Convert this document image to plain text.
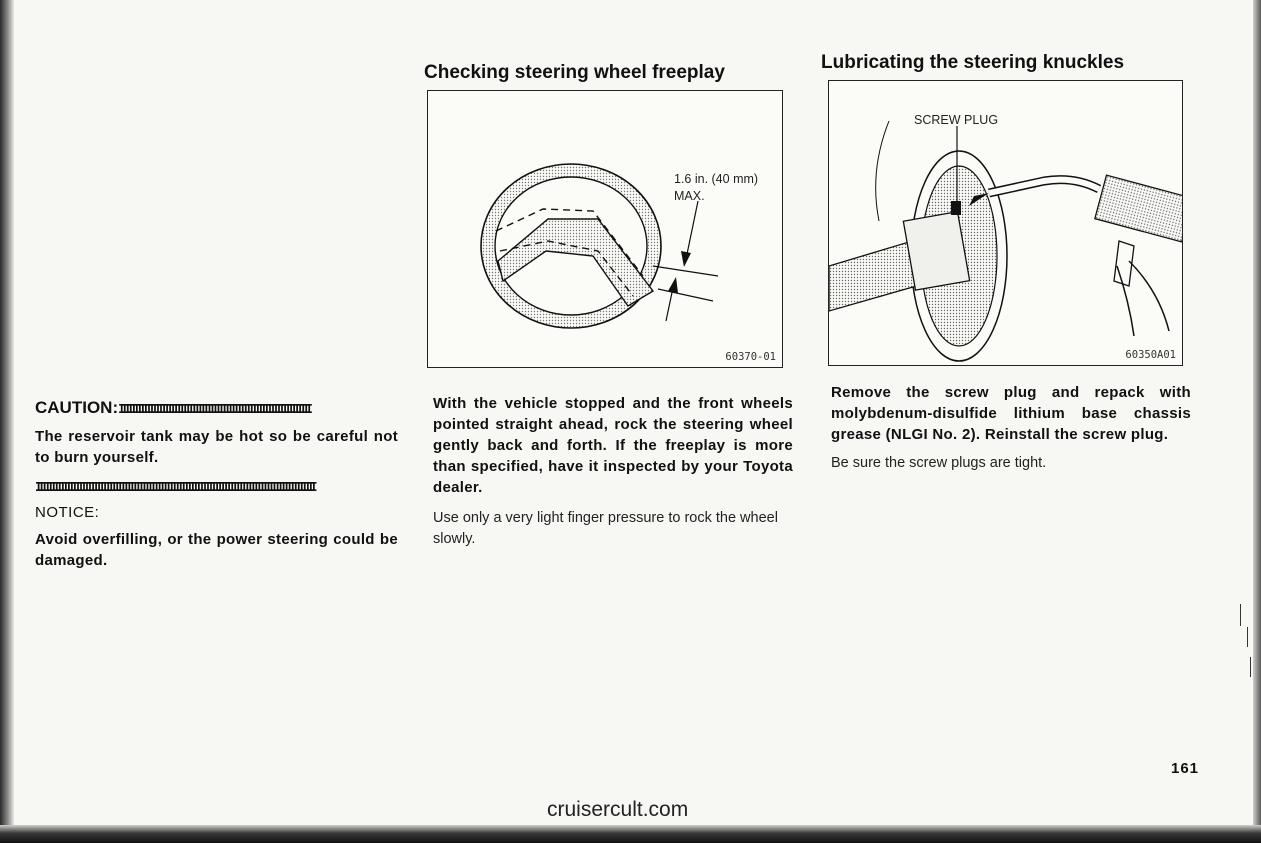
CAUTION:IIIIIIIIIIIIIIIIIIIIIIIIIIIIIIIIIIIIIIIIIIIIIIIIIIIIIIIIIIIIIII

The reservoir tank may be hot so be careful not to burn yourself.

IIIIIIIIIIIIIIIIIIIIIIIIIIIIIIIIIIIIIIIIIIIIIIIIIIIIIIIIIIIIIIIIIIIIIIIIIIIIIIIIIIIIIIIIIIII
NOTICE:

Avoid overfilling, or the power steering could be damaged.

Checking steering wheel freeplay
1.6 in. (40 mm)
MAX.
60370-01

With the vehicle stopped and the front wheels pointed straight ahead, rock the steering wheel gently back and forth. If the freeplay is more than specified, have it inspected by your Toyota dealer.

Use only a very light finger pressure to rock the wheel slowly.

Lubricating the steering knuckles
SCREW PLUG
60350A01

Remove the screw plug and repack with molybdenum-disulfide lithium base chassis grease (NLGI No. 2). Reinstall the screw plug.

Be sure the screw plugs are tight.

161
cruisercult.com
